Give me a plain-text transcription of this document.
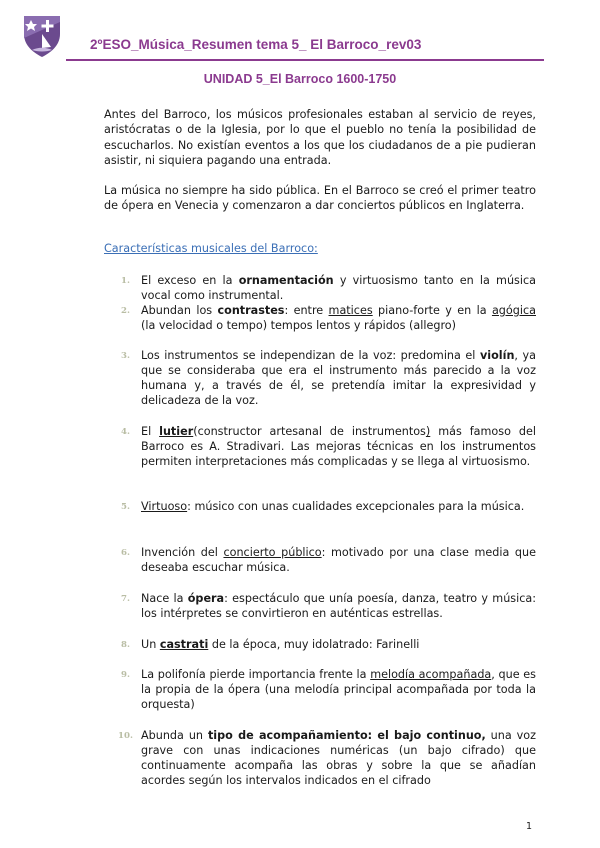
2ºESO_Música_Resumen tema 5_ El Barroco_rev03
UNIDAD 5_El Barroco 1600-1750

Antes del Barroco, los músicos profesionales estaban al servicio de reyes, aristócratas o de la Iglesia, por lo que el pueblo no tenía la posibilidad de escucharlos. No existían eventos a los que los ciudadanos de a pie pudieran asistir, ni siquiera pagando una entrada.

La música no siempre ha sido pública. En el Barroco se creó el primer teatro de ópera en Venecia y comenzaron a dar conciertos públicos en Inglaterra.

Características musicales del Barroco:
1. El exceso en la ornamentación y virtuosismo tanto en la música vocal como instrumental.
2. Abundan los contrastes: entre matices piano-forte y en la agógica (la velocidad o tempo) tempos lentos y rápidos (allegro)
3. Los instrumentos se independizan de la voz: predomina el violín, ya que se consideraba que era el instrumento más parecido a la voz humana y, a través de él, se pretendía imitar la expresividad y delicadeza de la voz.
4. El lutier(constructor artesanal de instrumentos) más famoso del Barroco es A. Stradivari. Las mejoras técnicas en los instrumentos permiten interpretaciones más complicadas y se llega al virtuosismo.
5. Virtuoso: músico con unas cualidades excepcionales para la música.
6. Invención del concierto público: motivado por una clase media que deseaba escuchar música.
7. Nace la ópera: espectáculo que unía poesía, danza, teatro y música: los intérpretes se convirtieron en auténticas estrellas.
8. Un castrati de la época, muy idolatrado: Farinelli
9. La polifonía pierde importancia frente la melodía acompañada, que es la propia de la ópera (una melodía principal acompañada por toda la orquesta)
10. Abunda un tipo de acompañamiento: el bajo continuo, una voz grave con unas indicaciones numéricas (un bajo cifrado) que continuamente acompaña las obras y sobre la que se añadían acordes según los intervalos indicados en el cifrado
1
